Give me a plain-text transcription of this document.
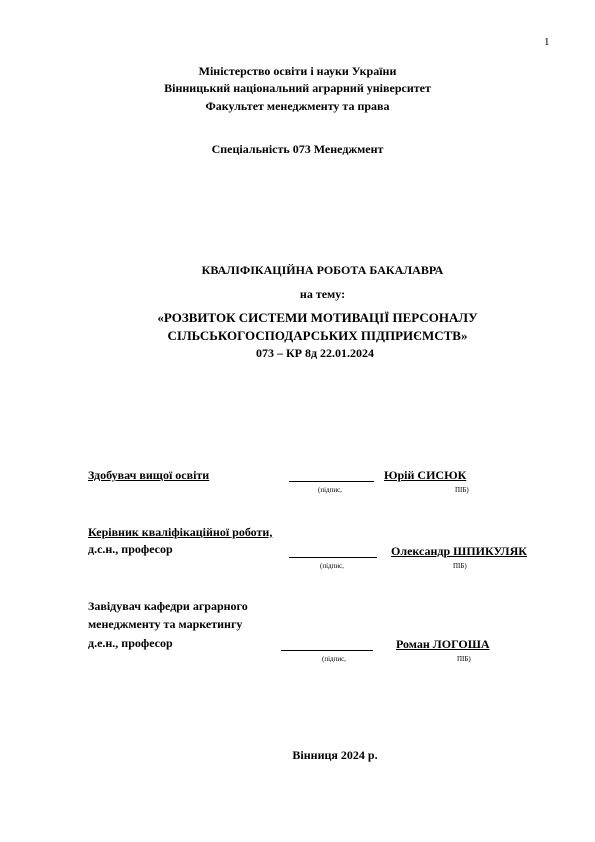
1
Міністерство освіти і науки України
Вінницький національний аграрний університет
Факультет менеджменту та права
Спеціальність 073 Менеджмент
КВАЛІФІКАЦІЙНА РОБОТА БАКАЛАВРА
на тему:
«РОЗВИТОК СИСТЕМИ МОТИВАЦІЇ ПЕРСОНАЛУ
СІЛЬСЬКОГОСПОДАРСЬКИХ ПІДПРИЄМСТВ»
073 – КР 8д 22.01.2024
Здобувач вищої освіти	Юрій СИСЮК
(підпис,	ПІБ)
Керівник кваліфікаційної роботи,
д.с.н., професор	Олександр ШПИКУЛЯК
(підпис,	ПІБ)
Завідувач кафедри аграрного
менеджменту та маркетингу
д.е.н., професор	Роман ЛОГОША
(підпис,	ПІБ)
Вінниця 2024 р.
